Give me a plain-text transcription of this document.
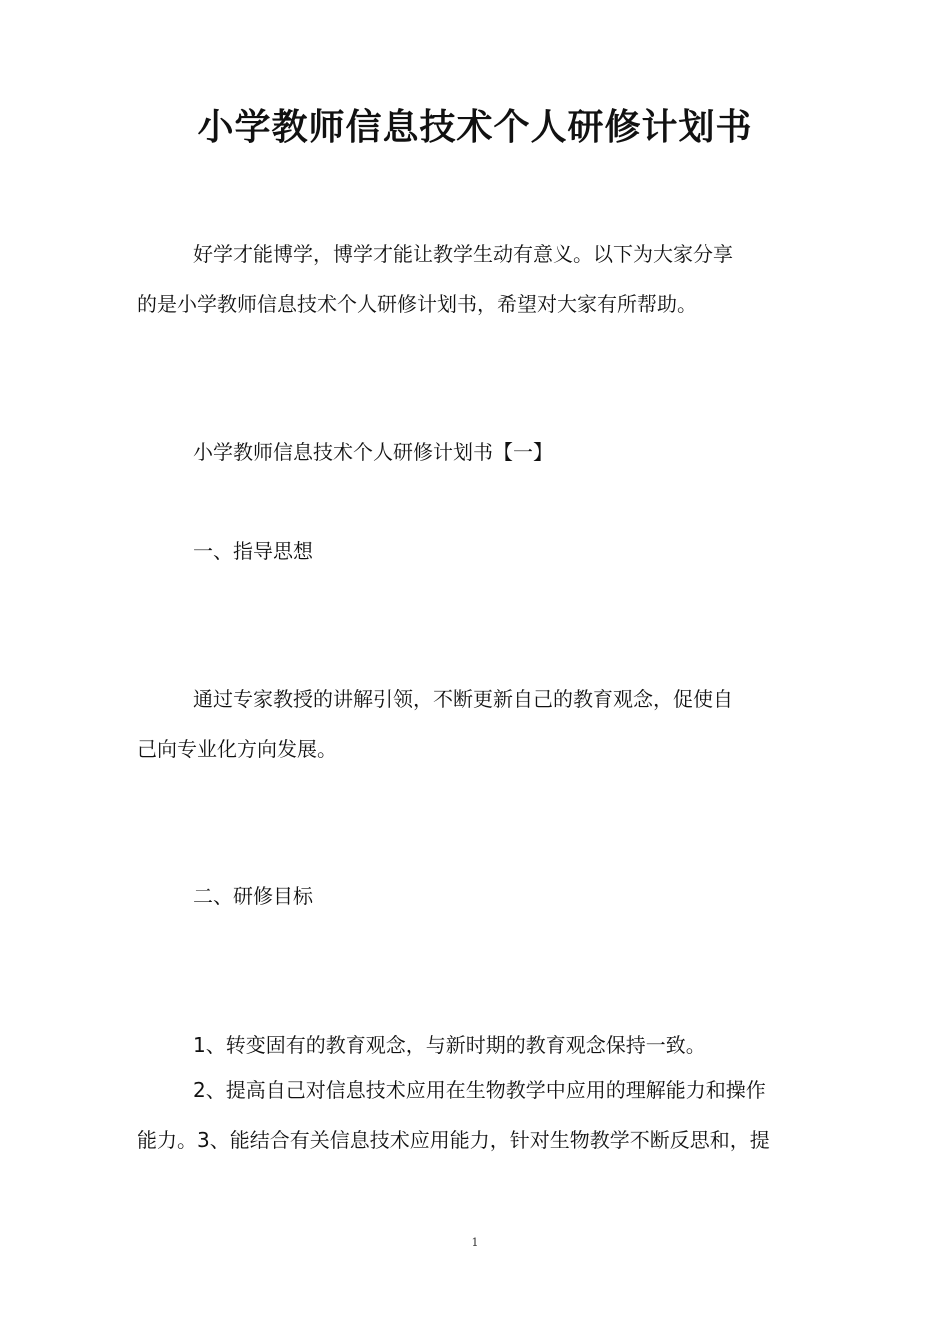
小学教师信息技术个人研修计划书
好学才能博学，博学才能让教学生动有意义。以下为大家分享
的是小学教师信息技术个人研修计划书，希望对大家有所帮助。
小学教师信息技术个人研修计划书【一】
一、指导思想
通过专家教授的讲解引领，不断更新自己的教育观念，促使自
己向专业化方向发展。
二、研修目标
1、转变固有的教育观念，与新时期的教育观念保持一致。
2、提高自己对信息技术应用在生物教学中应用的理解能力和操作
能力。3、能结合有关信息技术应用能力，针对生物教学不断反思和，提
1
